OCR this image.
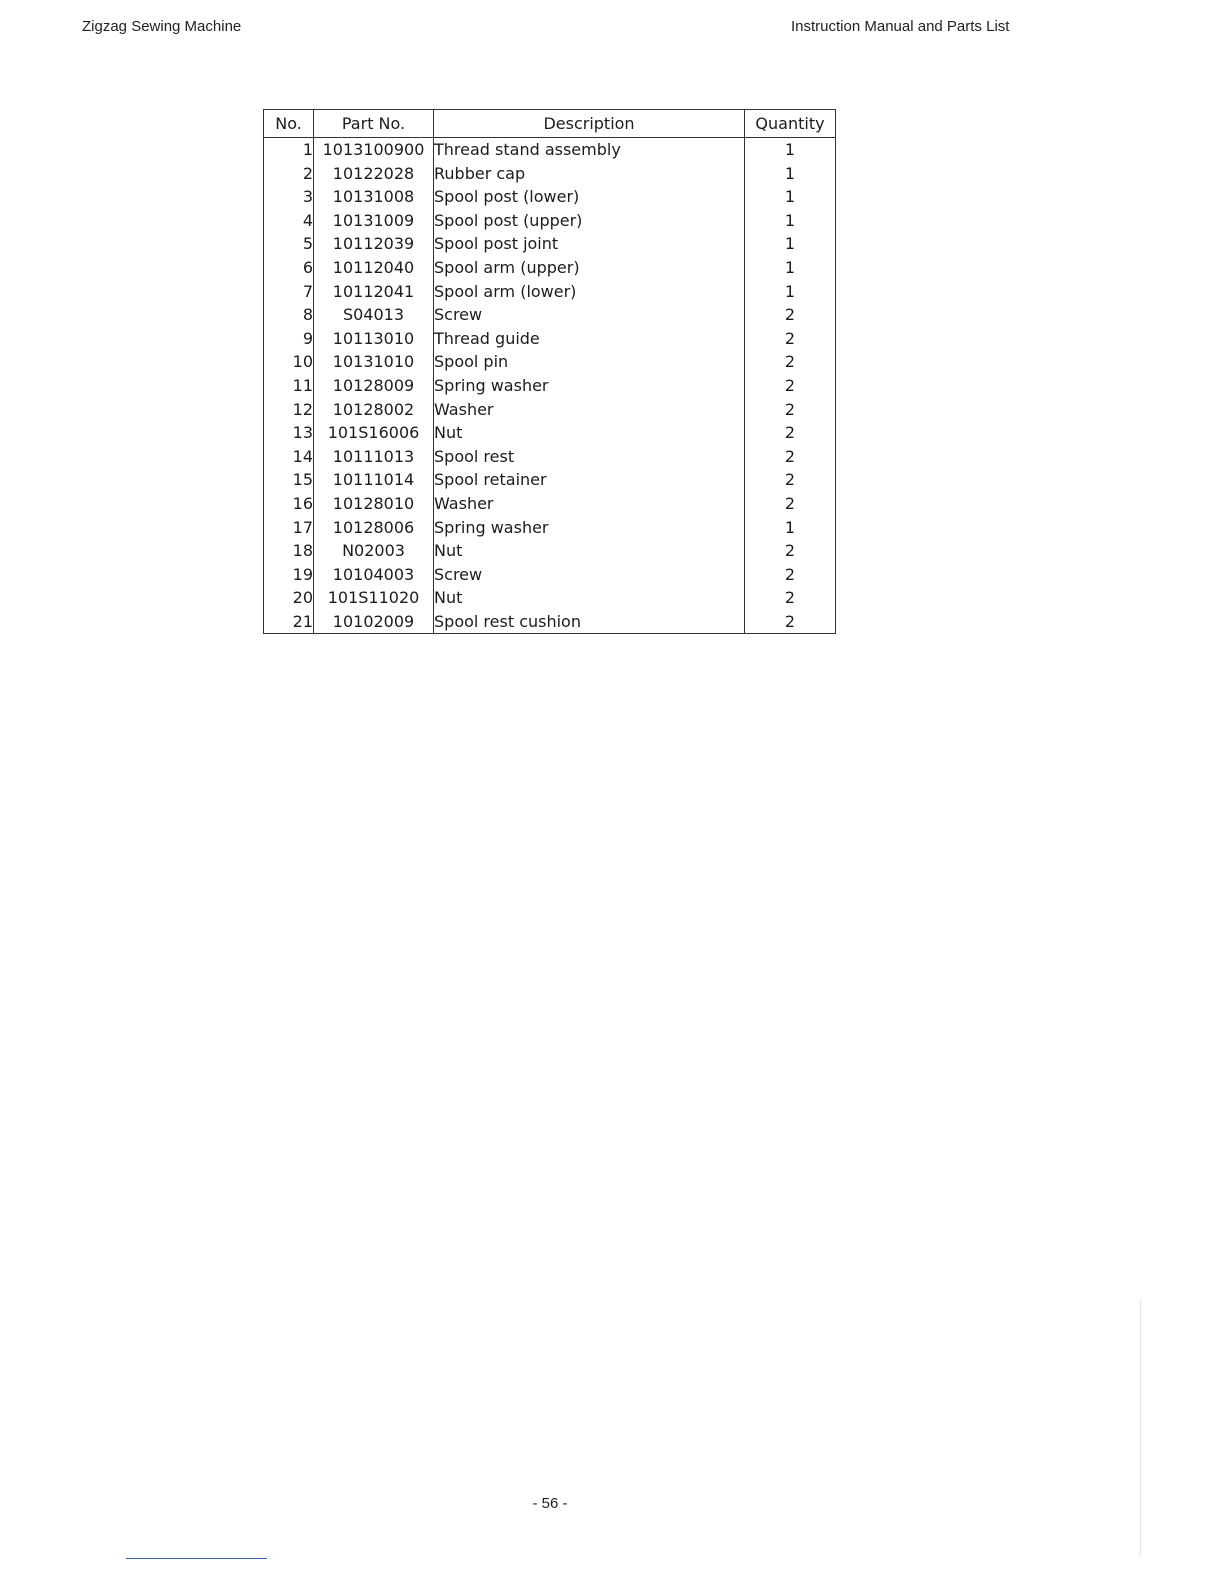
Zigzag Sewing Machine	Instruction Manual and Parts List
No.	Part No.	Description	Quantity
1	1013100900	Thread stand assembly	1
2	10122028	Rubber cap	1
3	10131008	Spool post (lower)	1
4	10131009	Spool post (upper)	1
5	10112039	Spool post joint	1
6	10112040	Spool arm (upper)	1
7	10112041	Spool arm (lower)	1
8	S04013	Screw	2
9	10113010	Thread guide	2
10	10131010	Spool pin	2
11	10128009	Spring washer	2
12	10128002	Washer	2
13	101S16006	Nut	2
14	10111013	Spool rest	2
15	10111014	Spool retainer	2
16	10128010	Washer	2
17	10128006	Spring washer	1
18	N02003	Nut	2
19	10104003	Screw	2
20	101S11020	Nut	2
21	10102009	Spool rest cushion	2
- 56 -
